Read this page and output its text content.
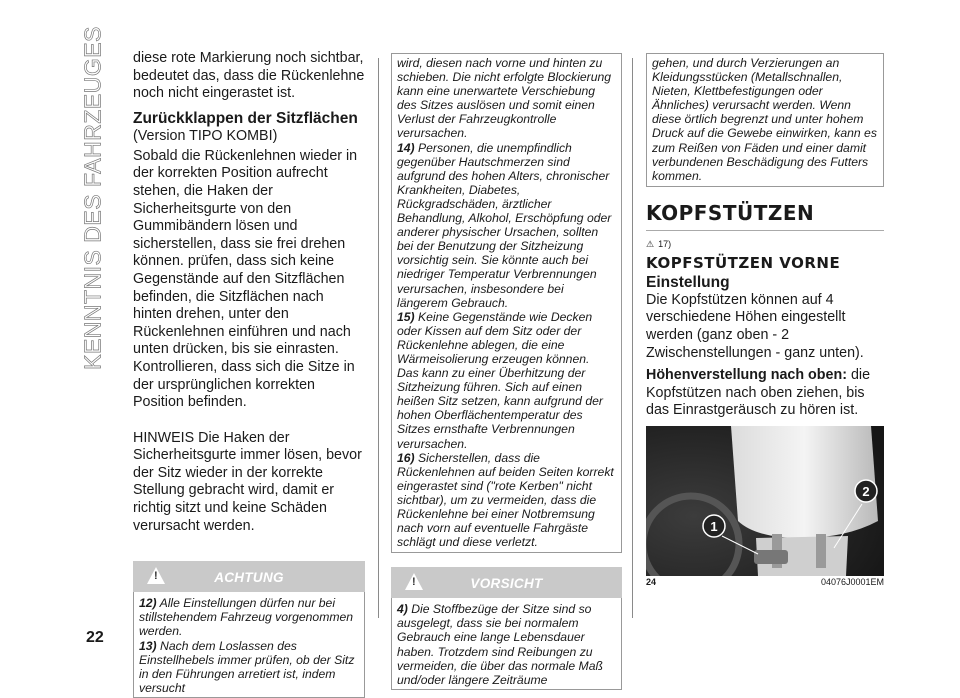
KENNTNIS DES FAHRZEUGES
22

diese rote Markierung noch sichtbar, bedeutet das, dass die Rückenlehne noch nicht eingerastet ist.

Zurückklappen der Sitzflächen

(Version TIPO KOMBI)

Sobald die Rückenlehnen wieder in der korrekten Position aufrecht stehen, die Haken der Sicherheitsgurte von den Gummibändern lösen und sicherstellen, dass sie frei drehen können. prüfen, dass sich keine Gegenstände auf den Sitzflächen befinden, die Sitzflächen nach hinten drehen, unter den Rückenlehnen einführen und nach unten drücken, bis sie einrasten. Kontrollieren, dass sich die Sitze in der ursprünglichen korrekten Position befinden.

HINWEIS Die Haken der Sicherheitsgurte immer lösen, bevor der Sitz wieder in der korrekte Stellung gebracht wird, damit er richtig sitzt und keine Schäden verursacht werden.

!
ACHTUNG

12) Alle Einstellungen dürfen nur bei stillstehendem Fahrzeug vorgenommen werden.

13) Nach dem Loslassen des Einstellhebels immer prüfen, ob der Sitz in den Führungen arretiert ist, indem versucht

wird, diesen nach vorne und hinten zu schieben. Die nicht erfolgte Blockierung kann eine unerwartete Verschiebung des Sitzes auslösen und somit einen Verlust der Fahrzeugkontrolle verursachen.

14) Personen, die unempfindlich gegenüber Hautschmerzen sind aufgrund des hohen Alters, chronischer Krankheiten, Diabetes, Rückgradschäden, ärztlicher Behandlung, Alkohol, Erschöpfung oder anderer physischer Ursachen, sollten bei der Benutzung der Sitzheizung vorsichtig sein. Sie könnte auch bei niedriger Temperatur Verbrennungen verursachen, insbesondere bei längerem Gebrauch.

15) Keine Gegenstände wie Decken oder Kissen auf dem Sitz oder der Rückenlehne ablegen, die eine Wärmeisolierung erzeugen können.

Das kann zu einer Überhitzung der Sitzheizung führen. Sich auf einen heißen Sitz setzen, kann aufgrund der hohen Oberflächentemperatur des Sitzes ernsthafte Verbrennungen verursachen.

16) Sicherstellen, dass die Rückenlehnen auf beiden Seiten korrekt eingerastet sind ("rote Kerben" nicht sichtbar), um zu vermeiden, dass die Rückenlehne bei einer Notbremsung nach vorn auf eventuelle Fahrgäste schlägt und diese verletzt.

!
VORSICHT

4) Die Stoffbezüge der Sitze sind so ausgelegt, dass sie bei normalem Gebrauch eine lange Lebensdauer haben. Trotzdem sind Reibungen zu vermeiden, die über das normale Maß und/oder längere Zeiträume

gehen, und durch Verzierungen an Kleidungsstücken (Metallschnallen, Nieten, Klettbefestigungen oder Ähnliches) verursacht werden. Wenn diese örtlich begrenzt und unter hohem Druck auf die Gewebe einwirken, kann es zum Reißen von Fäden und einer damit verbundenen Beschädigung des Futters kommen.

KOPFSTÜTZEN
⚠ 17)
KOPFSTÜTZEN VORNE
Einstellung

Die Kopfstützen können auf 4 verschiedene Höhen eingestellt werden (ganz oben - 2 Zwischenstellungen - ganz unten).

Höhenverstellung nach oben: die Kopfstützen nach oben ziehen, bis das Einrastgeräusch zu hören ist.

1
2
24	04076J0001EM
